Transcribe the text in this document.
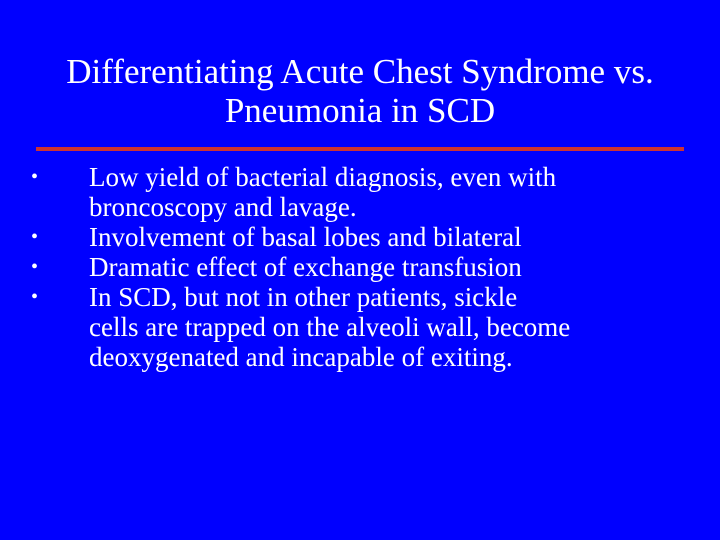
Differentiating Acute Chest Syndrome vs.
Pneumonia in SCD
•	Low yield of bacterial diagnosis, even with
broncoscopy and lavage.
•	Involvement of basal lobes and bilateral
•	Dramatic effect of exchange transfusion
•	In SCD, but not in other patients, sickle
cells are trapped on the alveoli wall, become
deoxygenated and incapable of exiting.
